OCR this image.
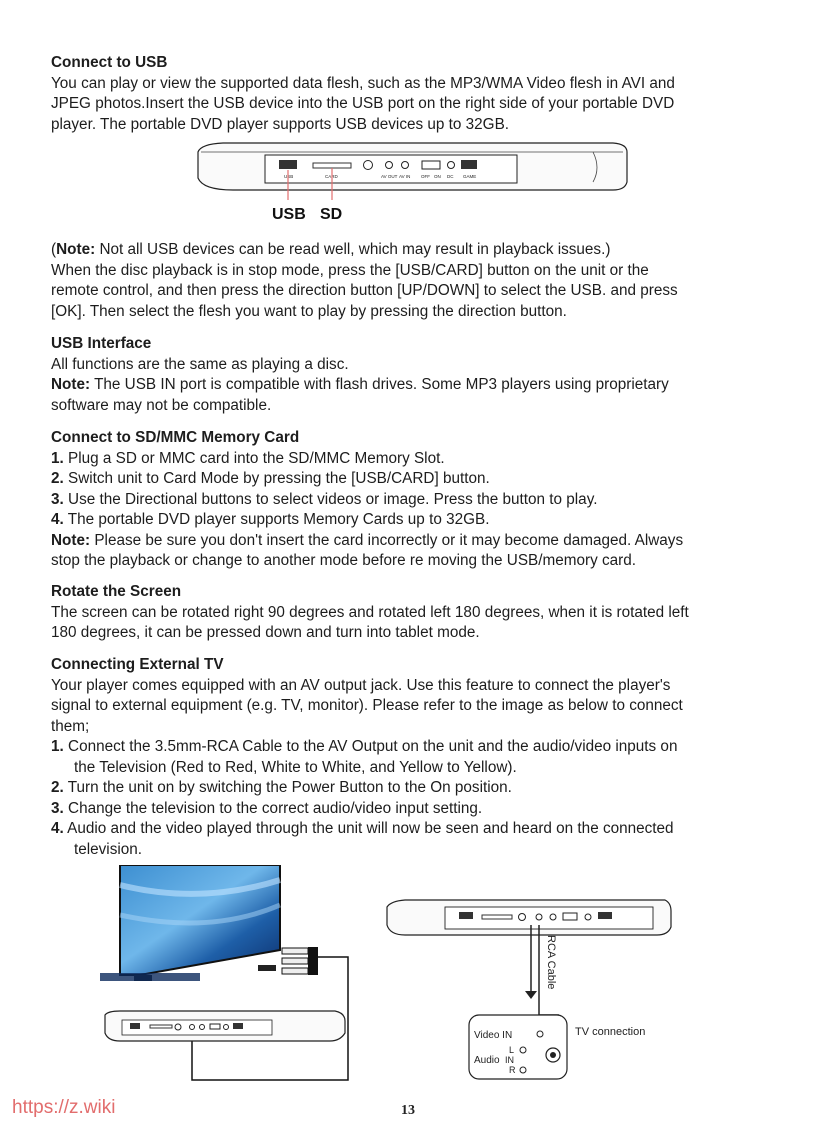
Connect to USB

You can play or view the supported data flesh, such as the MP3/WMA Video flesh in AVI and

JPEG photos.Insert the USB device into the USB port on the right side of your portable DVD

player. The portable DVD player supports USB devices up to 32GB.

USB	CARD	AV OUT AV IN OFF ON DC GAME
USB SD

(Note: Not all USB devices can be read well, which may result in playback issues.)

When the disc playback is in stop mode, press the [USB/CARD] button on the unit or the

remote control, and then press the direction button [UP/DOWN] to select the USB. and press

[OK]. Then select the flesh you want to play by pressing the direction button.

USB Interface

All functions are the same as playing a disc.

Note: The USB IN port is compatible with flash drives. Some MP3 players using proprietary

software may not be compatible.

Connect to SD/MMC Memory Card

1. Plug a SD or MMC card into the SD/MMC Memory Slot.

2. Switch unit to Card Mode by pressing the [USB/CARD] button.

3. Use the Directional buttons to select videos or image. Press the button to play.

4. The portable DVD player supports Memory Cards up to 32GB.

Note: Please be sure you don't insert the card incorrectly or it may become damaged. Always

stop the playback or change to another mode before re moving the USB/memory card.

Rotate the Screen

The screen can be rotated right 90 degrees and rotated left 180 degrees, when it is rotated left

180 degrees, it can be pressed down and turn into tablet mode.

Connecting External TV

Your player comes equipped with an AV output jack. Use this feature to connect the player's

signal to external equipment (e.g. TV, monitor). Please refer to the image as below to connect

them;

1. Connect the 3.5mm-RCA Cable to the AV Output on the unit and the audio/video inputs on

the Television (Red to Red, White to White, and Yellow to Yellow).

2. Turn the unit on by switching the Power Button to the On position.

3. Change the television to the correct audio/video input setting.

4. Audio and the video played through the unit will now be seen and heard on the connected

television.

RCA Cable
Video IN
Audio
L
IN
R
TV connection
https://z.wiki	13
